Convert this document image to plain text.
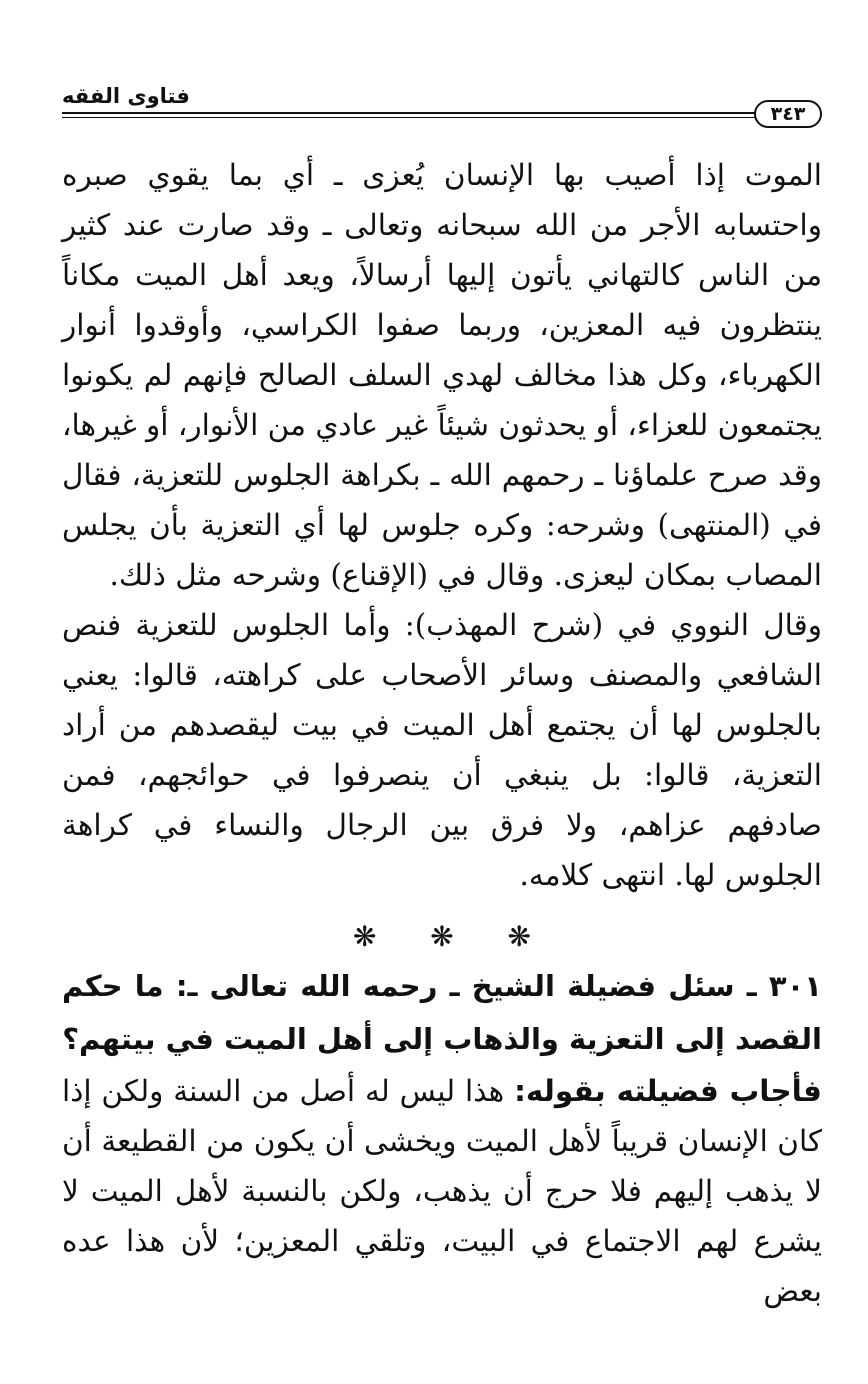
فتاوى الفقه
٣٤٣

الموت إذا أصيب بها الإنسان يُعزى ـ أي بما يقوي صبره واحتسابه الأجر من الله سبحانه وتعالى ـ وقد صارت عند كثير من الناس كالتهاني يأتون إليها أرسالاً، ويعد أهل الميت مكاناً ينتظرون فيه المعزين، وربما صفوا الكراسي، وأوقدوا أنوار الكهرباء، وكل هذا مخالف لهدي السلف الصالح فإنهم لم يكونوا يجتمعون للعزاء، أو يحدثون شيئاً غير عادي من الأنوار، أو غيرها، وقد صرح علماؤنا ـ رحمهم الله ـ بكراهة الجلوس للتعزية، فقال في (المنتهى) وشرحه: وكره جلوس لها أي التعزية بأن يجلس المصاب بمكان ليعزى. وقال في (الإقناع) وشرحه مثل ذلك.

وقال النووي في (شرح المهذب): وأما الجلوس للتعزية فنص الشافعي والمصنف وسائر الأصحاب على كراهته، قالوا: يعني بالجلوس لها أن يجتمع أهل الميت في بيت ليقصدهم من أراد التعزية، قالوا: بل ينبغي أن ينصرفوا في حوائجهم، فمن صادفهم عزاهم، ولا فرق بين الرجال والنساء في كراهة الجلوس لها. انتهى كلامه.

❋ ❋ ❋

٣٠١ ـ سئل فضيلة الشيخ ـ رحمه الله تعالى ـ: ما حكم القصد إلى التعزية والذهاب إلى أهل الميت في بيتهم؟

فأجاب فضيلته بقوله: هذا ليس له أصل من السنة ولكن إذا كان الإنسان قريباً لأهل الميت ويخشى أن يكون من القطيعة أن لا يذهب إليهم فلا حرج أن يذهب، ولكن بالنسبة لأهل الميت لا يشرع لهم الاجتماع في البيت، وتلقي المعزين؛ لأن هذا عده بعض
